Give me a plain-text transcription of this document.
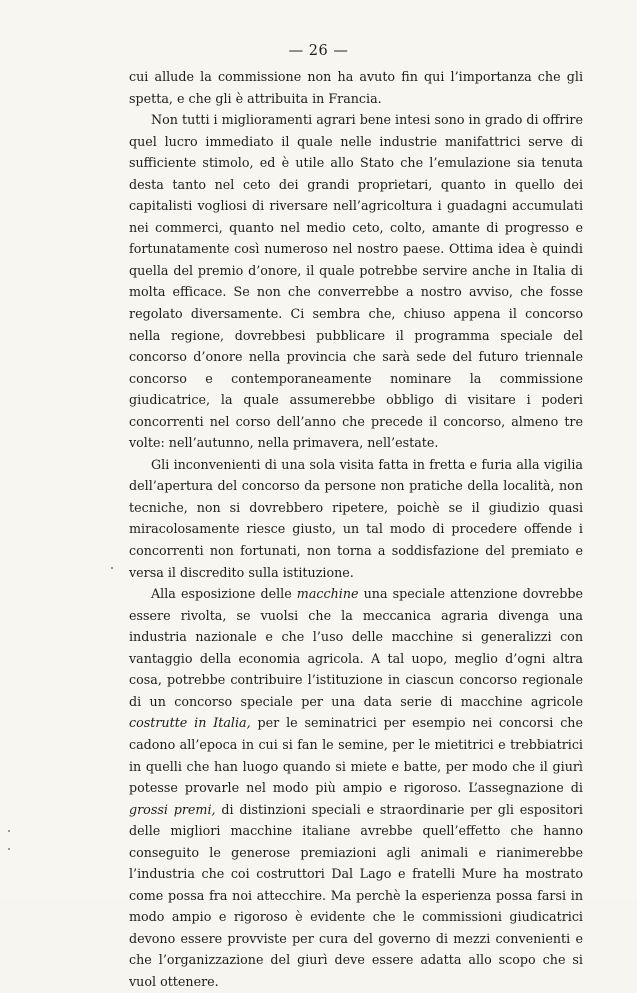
— 26 —

cui allude la commissione non ha avuto fin qui l’importanza che gli spetta, e che gli è attribuita in Francia.

Non tutti i miglioramenti agrari bene intesi sono in grado di offrire quel lucro immediato il quale nelle industrie manifattrici serve di sufficiente stimolo, ed è utile allo Stato che l’emulazione sia tenuta desta tanto nel ceto dei grandi proprietari, quanto in quello dei capitalisti vogliosi di riversare nell’agricoltura i guadagni accumulati nei commerci, quanto nel medio ceto, colto, amante di progresso e fortunatamente così numeroso nel nostro paese. Ottima idea è quindi quella del premio d’onore, il quale potrebbe servire anche in Italia di molta efficace. Se non che converrebbe a nostro avviso, che fosse regolato diversamente. Ci sembra che, chiuso appena il concorso nella regione, dovrebbesi pubblicare il programma speciale del concorso d’onore nella provincia che sarà sede del futuro triennale concorso e contemporaneamente nominare la commissione giudicatrice, la quale assumerebbe obbligo di visitare i poderi concorrenti nel corso dell’anno che precede il concorso, almeno tre volte: nell’autunno, nella primavera, nell’estate.

Gli inconvenienti di una sola visita fatta in fretta e furia alla vigilia dell’apertura del concorso da persone non pratiche della località, non tecniche, non si dovrebbero ripetere, poichè se il giudizio quasi miracolosamente riesce giusto, un tal modo di procedere offende i concorrenti non fortunati, non torna a soddisfazione del premiato e versa il discredito sulla istituzione.

Alla esposizione delle macchine una speciale attenzione dovrebbe essere rivolta, se vuolsi che la meccanica agraria divenga una industria nazionale e che l’uso delle macchine si generalizzi con vantaggio della economia agricola. A tal uopo, meglio d’ogni altra cosa, potrebbe contribuire l’istituzione in ciascun concorso regionale di un concorso speciale per una data serie di macchine agricole costrutte in Italia, per le seminatrici per esempio nei concorsi che cadono all’epoca in cui si fan le semine, per le mietitrici e trebbiatrici in quelli che han luogo quando si miete e batte, per modo che il giurì potesse provarle nel modo più ampio e rigoroso. L’assegnazione di grossi premi, di distinzioni speciali e straordinarie per gli espositori delle migliori macchine italiane avrebbe quell’effetto che hanno conseguito le generose premiazioni agli animali e rianimerebbe l’industria che coi costruttori Dal Lago e fratelli Mure ha mostrato come possa fra noi attecchire. Ma perchè la esperienza possa farsi in modo ampio e rigoroso è evidente che le commissioni giudicatrici devono essere provviste per cura del governo di mezzi convenienti e che l’organizzazione del giurì deve essere adatta allo scopo che si vuol ottenere.
